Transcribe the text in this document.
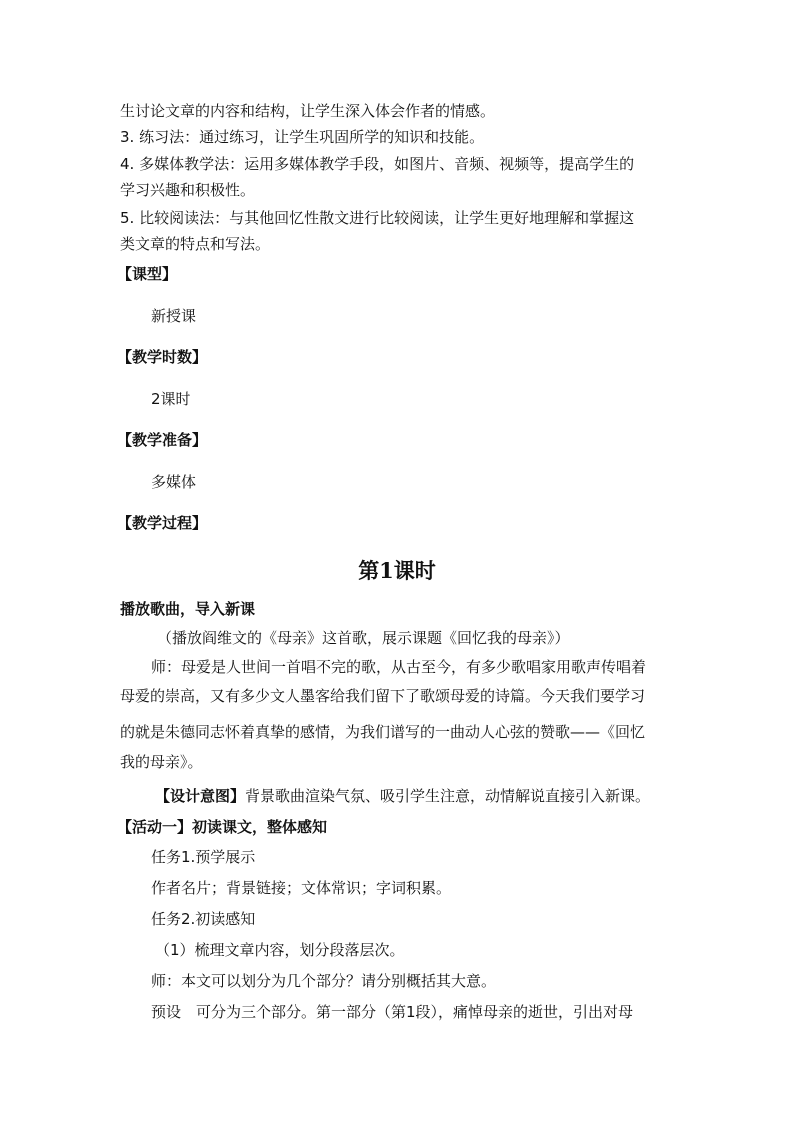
生讨论文章的内容和结构，让学生深入体会作者的情感。
3. 练习法：通过练习，让学生巩固所学的知识和技能。
4. 多媒体教学法：运用多媒体教学手段，如图片、音频、视频等，提高学生的
学习兴趣和积极性。
5. 比较阅读法：与其他回忆性散文进行比较阅读，让学生更好地理解和掌握这
类文章的特点和写法。
【课型】
新授课
【教学时数】
2课时
【教学准备】
多媒体
【教学过程】
第1课时
播放歌曲，导入新课
（播放阎维文的《母亲》这首歌，展示课题《回忆我的母亲》）
师：母爱是人世间一首唱不完的歌，从古至今，有多少歌唱家用歌声传唱着
母爱的崇高，又有多少文人墨客给我们留下了歌颂母爱的诗篇。今天我们要学习
的就是朱德同志怀着真挚的感情，为我们谱写的一曲动人心弦的赞歌——《回忆
我的母亲》。
【设计意图】背景歌曲渲染气氛、吸引学生注意，动情解说直接引入新课。
【活动一】初读课文，整体感知
任务1.预学展示
作者名片；背景链接；文体常识；字词积累。
任务2.初读感知
（1）梳理文章内容，划分段落层次。
师：本文可以划分为几个部分？请分别概括其大意。
预设　可分为三个部分。第一部分（第1段），痛悼母亲的逝世，引出对母
